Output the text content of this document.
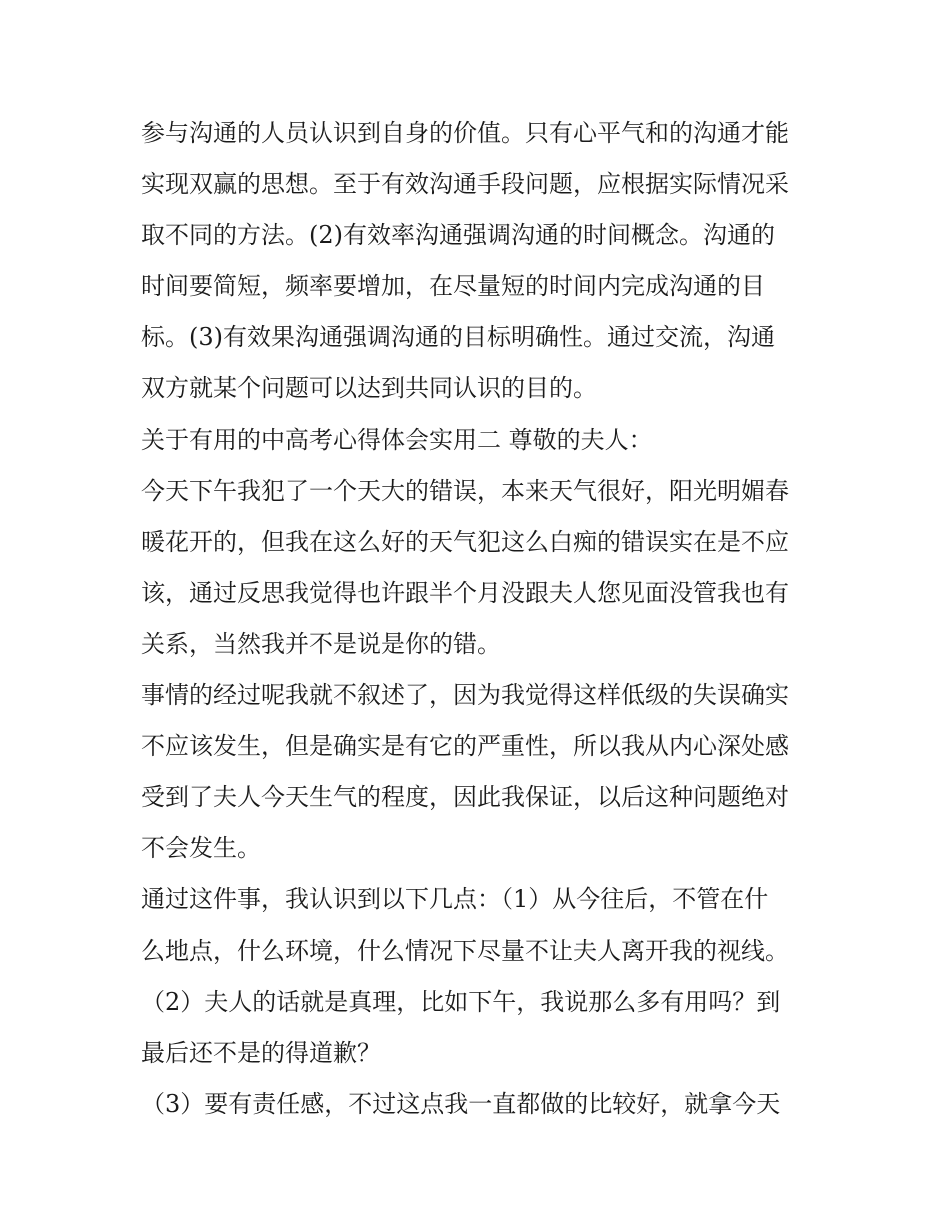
参与沟通的人员认识到自身的价值。只有心平气和的沟通才能
实现双赢的思想。至于有效沟通手段问题，应根据实际情况采
取不同的方法。(2)有效率沟通强调沟通的时间概念。沟通的
时间要简短，频率要增加，在尽量短的时间内完成沟通的目
标。(3)有效果沟通强调沟通的目标明确性。通过交流，沟通
双方就某个问题可以达到共同认识的目的。
关于有用的中高考心得体会实用二 尊敬的夫人：
今天下午我犯了一个天大的错误，本来天气很好，阳光明媚春
暖花开的，但我在这么好的天气犯这么白痴的错误实在是不应
该，通过反思我觉得也许跟半个月没跟夫人您见面没管我也有
关系，当然我并不是说是你的错。
事情的经过呢我就不叙述了，因为我觉得这样低级的失误确实
不应该发生，但是确实是有它的严重性，所以我从内心深处感
受到了夫人今天生气的程度，因此我保证，以后这种问题绝对
不会发生。
通过这件事，我认识到以下几点：（1）从今往后，不管在什
么地点，什么环境，什么情况下尽量不让夫人离开我的视线。
（2）夫人的话就是真理，比如下午，我说那么多有用吗？到
最后还不是的得道歉？
（3）要有责任感，不过这点我一直都做的比较好，就拿今天
